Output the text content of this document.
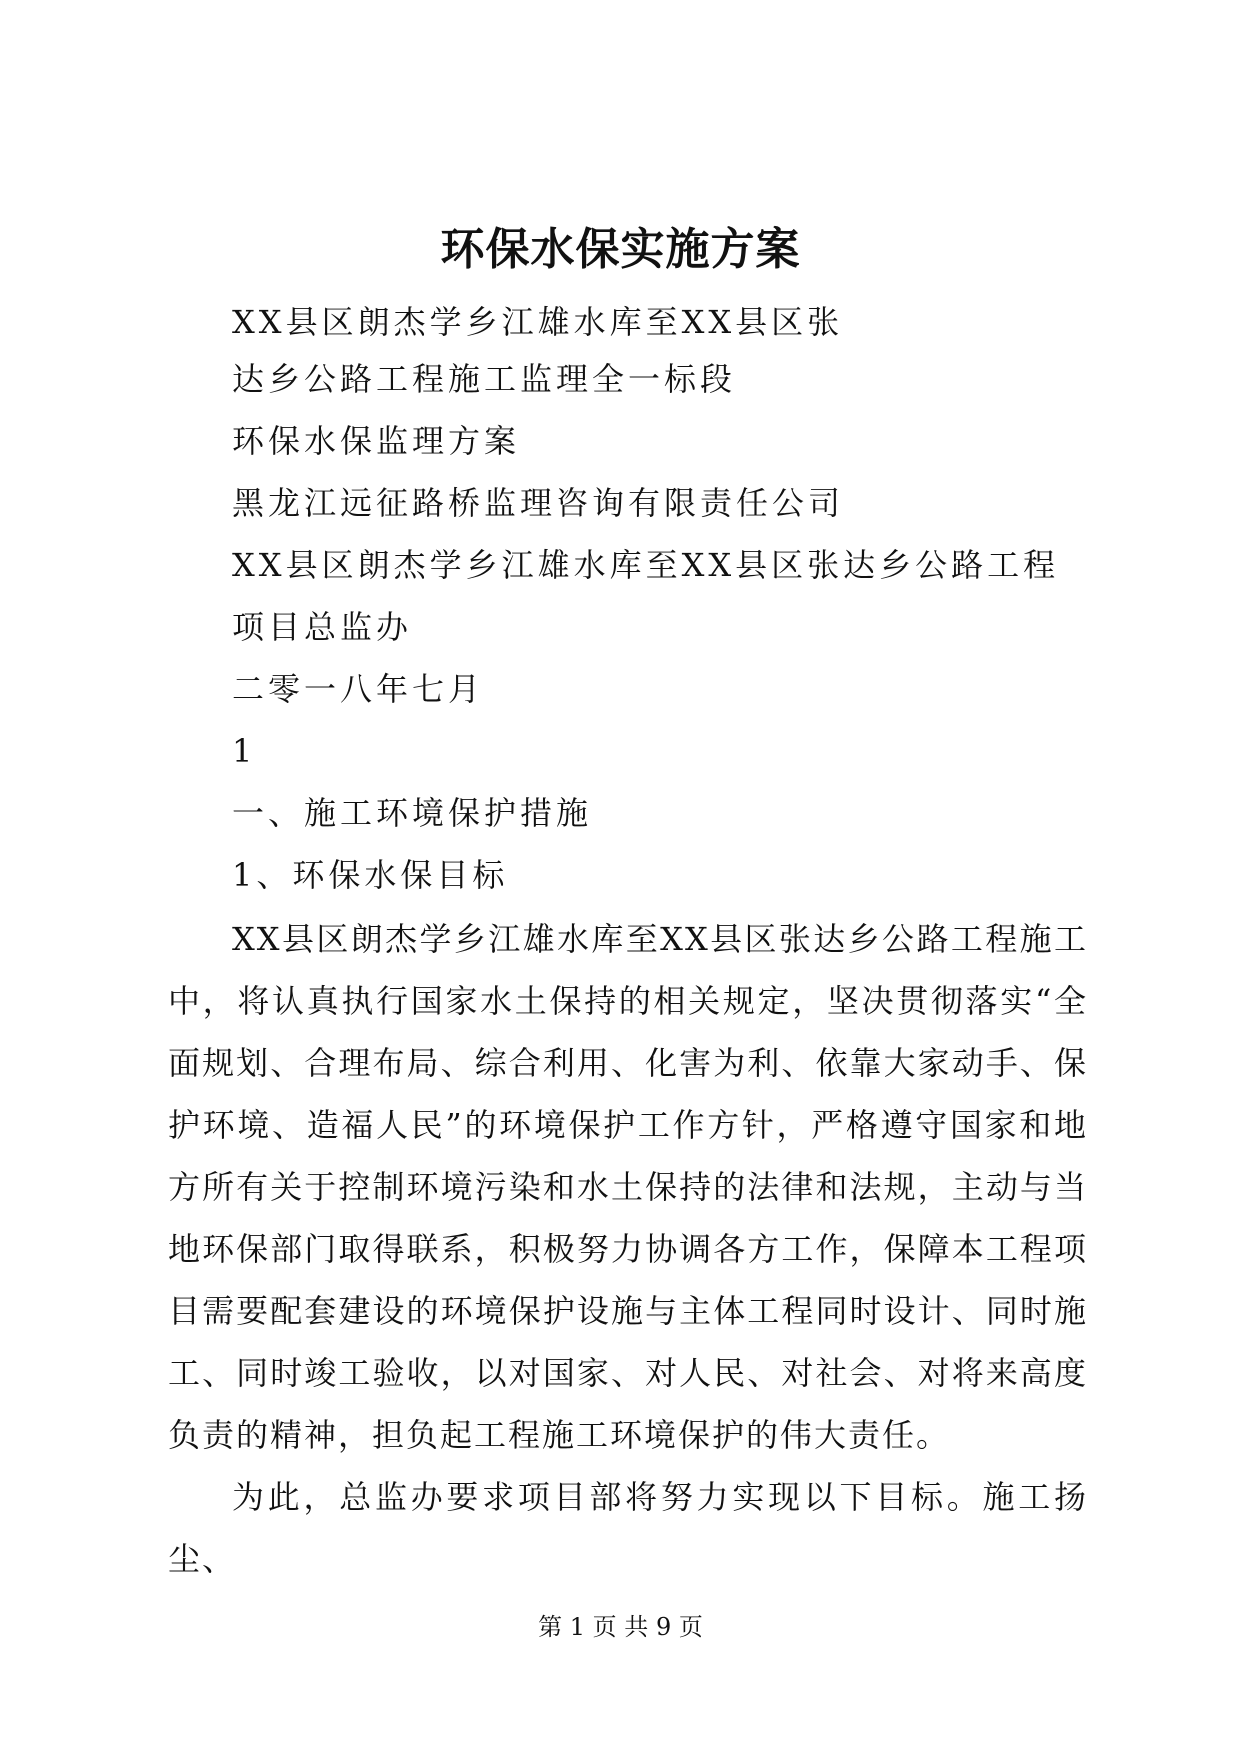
环保水保实施方案
XX县区朗杰学乡江雄水库至XX县区张
达乡公路工程施工监理全一标段
环保水保监理方案
黑龙江远征路桥监理咨询有限责任公司
XX县区朗杰学乡江雄水库至XX县区张达乡公路工程
项目总监办
二零一八年七月
1
一、施工环境保护措施
1、环保水保目标
XX县区朗杰学乡江雄水库至XX县区张达乡公路工程施工中，将认真执行国家水土保持的相关规定，坚决贯彻落实“全面规划、合理布局、综合利用、化害为利、依靠大家动手、保护环境、造福人民”的环境保护工作方针，严格遵守国家和地方所有关于控制环境污染和水土保持的法律和法规，主动与当地环保部门取得联系，积极努力协调各方工作，保障本工程项目需要配套建设的环境保护设施与主体工程同时设计、同时施工、同时竣工验收，以对国家、对人民、对社会、对将来高度负责的精神，担负起工程施工环境保护的伟大责任。
为此，总监办要求项目部将努力实现以下目标。施工扬尘、
第 1 页 共 9 页
